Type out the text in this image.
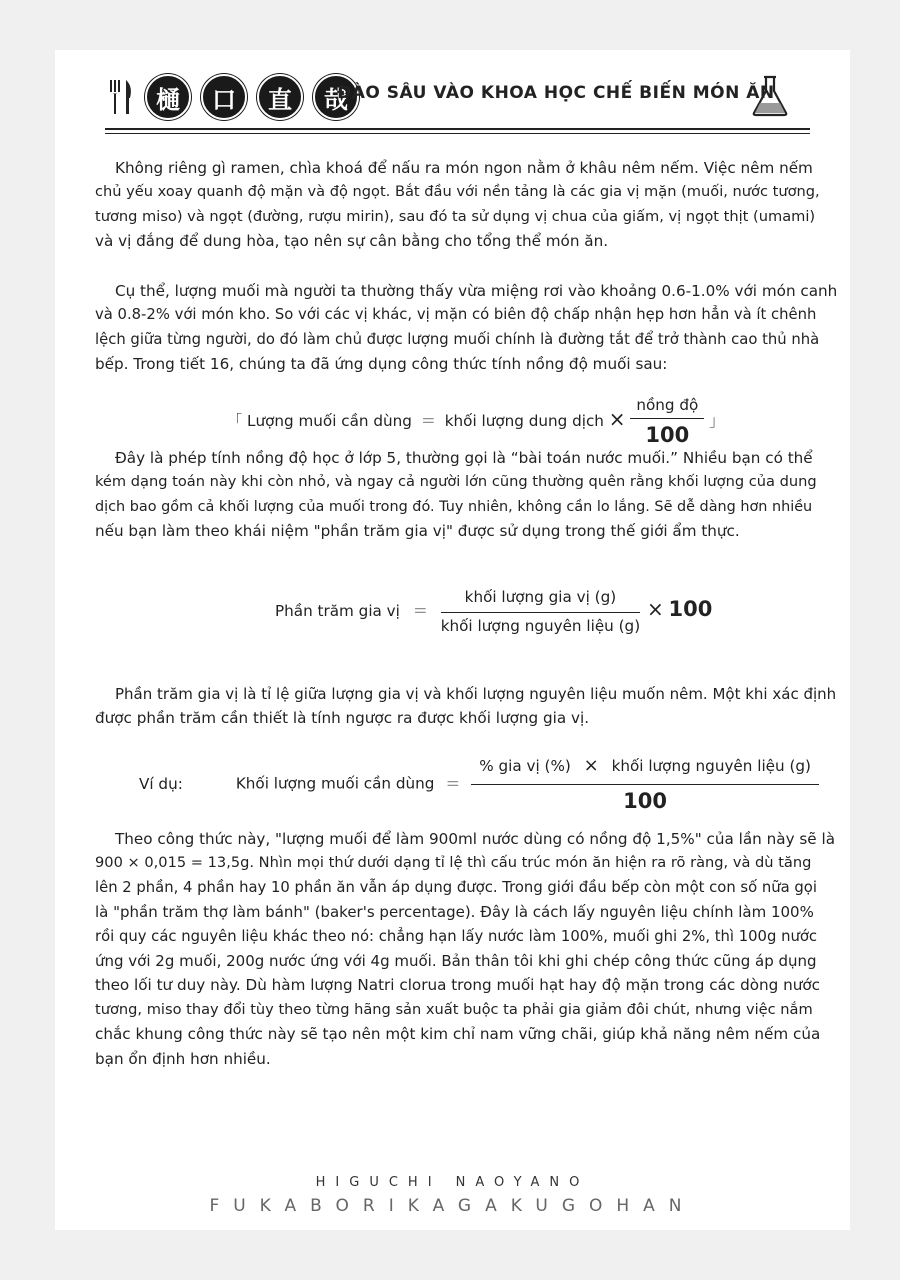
樋	口	直	哉
ĐÀO SÂU VÀO KHOA HỌC CHẾ BIẾN MÓN ĂN

Không riêng gì ramen, chìa khoá để nấu ra món ngon nằm ở khâu nêm nếm. Việc nêm nếm
chủ yếu xoay quanh độ mặn và độ ngọt. Bắt đầu với nền tảng là các gia vị mặn (muối, nước tương,
tương miso) và ngọt (đường, rượu mirin), sau đó ta sử dụng vị chua của giấm, vị ngọt thịt (umami)
và vị đắng để dung hòa, tạo nên sự cân bằng cho tổng thể món ăn.

Cụ thể, lượng muối mà người ta thường thấy vừa miệng rơi vào khoảng 0.6-1.0% với món canh
và 0.8-2% với món kho. So với các vị khác, vị mặn có biên độ chấp nhận hẹp hơn hẳn và ít chênh
lệch giữa từng người, do đó làm chủ được lượng muối chính là đường tắt để trở thành cao thủ nhà
bếp. Trong tiết 16, chúng ta đã ứng dụng công thức tính nồng độ muối sau:

「 Lượng muối cần dùng ＝ khối lượng dung dịch × $\frac{\text{nồng độ}}{100}$ 」

Đây là phép tính nồng độ học ở lớp 5, thường gọi là “bài toán nước muối.” Nhiều bạn có thể
kém dạng toán này khi còn nhỏ, và ngay cả người lớn cũng thường quên rằng khối lượng của dung
dịch bao gồm cả khối lượng của muối trong đó. Tuy nhiên, không cần lo lắng. Sẽ dễ dàng hơn nhiều
nếu bạn làm theo khái niệm "phần trăm gia vị" được sử dụng trong thế giới ẩm thực.

Phần trăm gia vị ＝ $\frac{\text{khối lượng gia vị (g)}}{\text{khối lượng nguyên liệu (g)}} \times 100$

Phần trăm gia vị là tỉ lệ giữa lượng gia vị và khối lượng nguyên liệu muốn nêm. Một khi xác định
được phần trăm cần thiết là tính ngược ra được khối lượng gia vị.

Ví dụ:	Khối lượng muối cần dùng ＝ $\frac{\text{\% gia vị (\%) × khối lượng nguyên liệu (g)}}{100}$

Theo công thức này, "lượng muối để làm 900ml nước dùng có nồng độ 1,5%" của lần này sẽ là
900 × 0,015 = 13,5g. Nhìn mọi thứ dưới dạng tỉ lệ thì cấu trúc món ăn hiện ra rõ ràng, và dù tăng
lên 2 phần, 4 phần hay 10 phần ăn vẫn áp dụng được. Trong giới đầu bếp còn một con số nữa gọi
là "phần trăm thợ làm bánh" (baker's percentage). Đây là cách lấy nguyên liệu chính làm 100%
rồi quy các nguyên liệu khác theo nó: chẳng hạn lấy nước làm 100%, muối ghi 2%, thì 100g nước
ứng với 2g muối, 200g nước ứng với 4g muối. Bản thân tôi khi ghi chép công thức cũng áp dụng
theo lối tư duy này. Dù hàm lượng Natri clorua trong muối hạt hay độ mặn trong các dòng nước
tương, miso thay đổi tùy theo từng hãng sản xuất buộc ta phải gia giảm đôi chút, nhưng việc nắm
chắc khung công thức này sẽ tạo nên một kim chỉ nam vững chãi, giúp khả năng nêm nếm của
bạn ổn định hơn nhiều.

HIGUCHI NAOYANO
FUKABORIKAGAKUGOHAN
